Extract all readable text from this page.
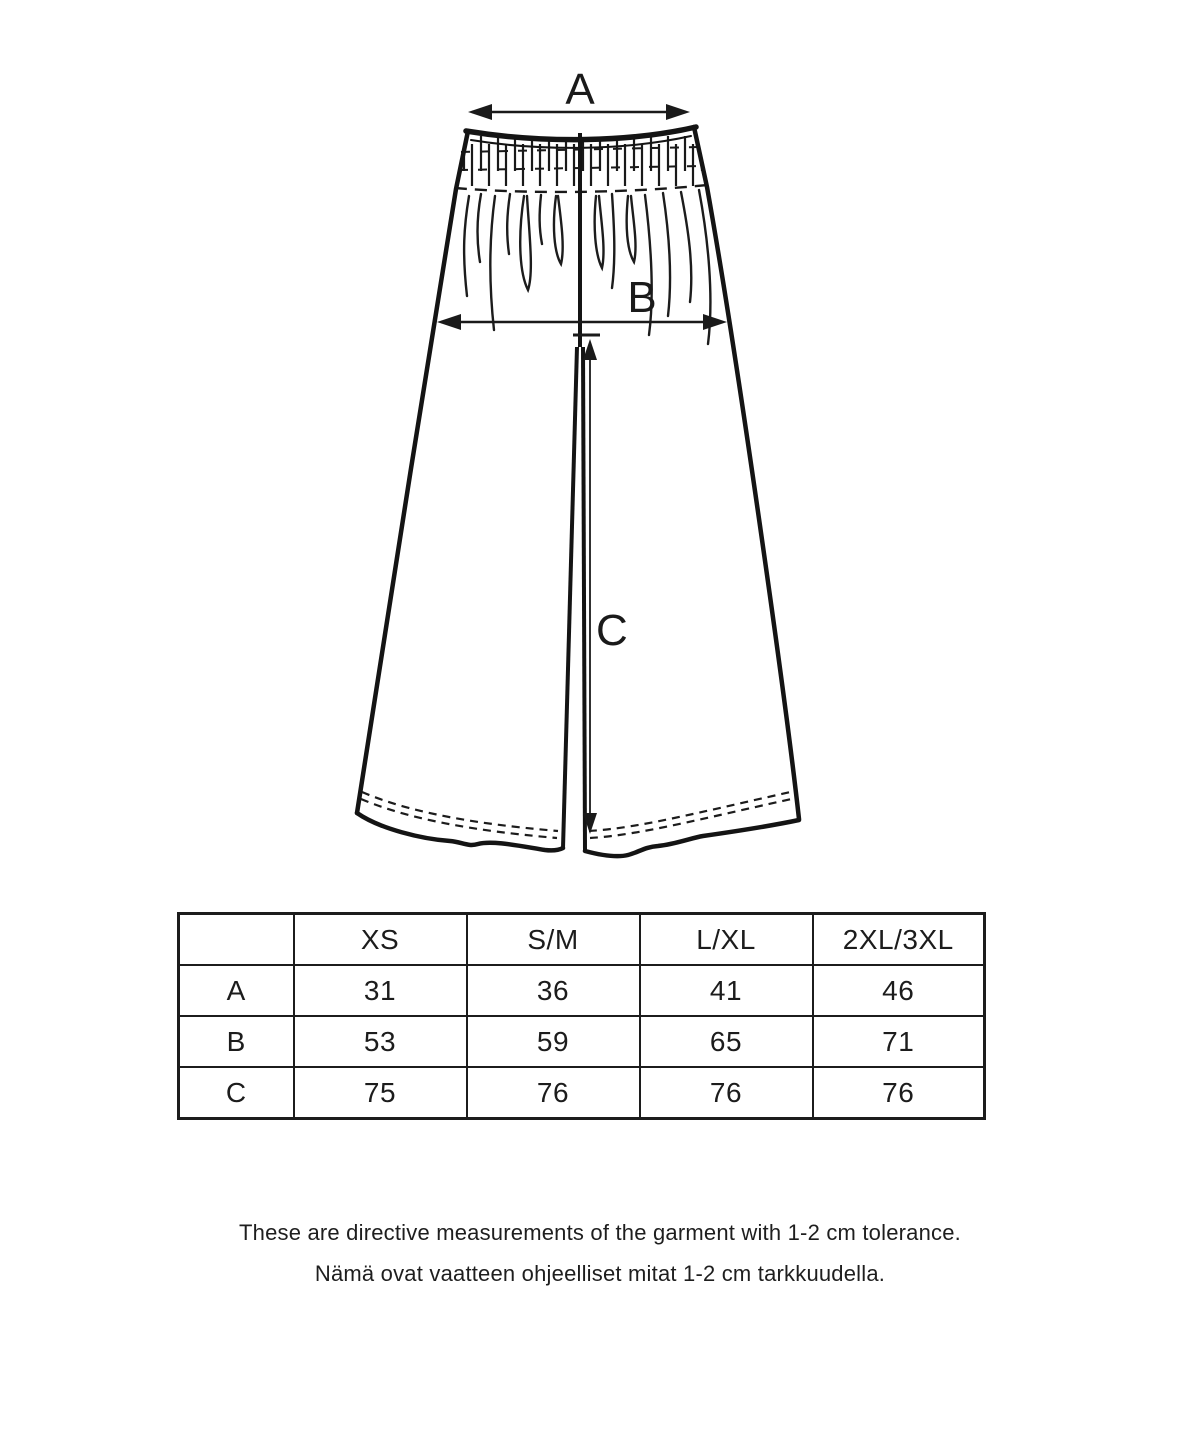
A
B
C
	XS	S/M	L/XL	2XL/3XL
A	31	36	41	46
B	53	59	65	71
C	75	76	76	76

These are directive measurements of the garment with 1-2 cm tolerance.

Nämä ovat vaatteen ohjeelliset mitat 1-2 cm tarkkuudella.
